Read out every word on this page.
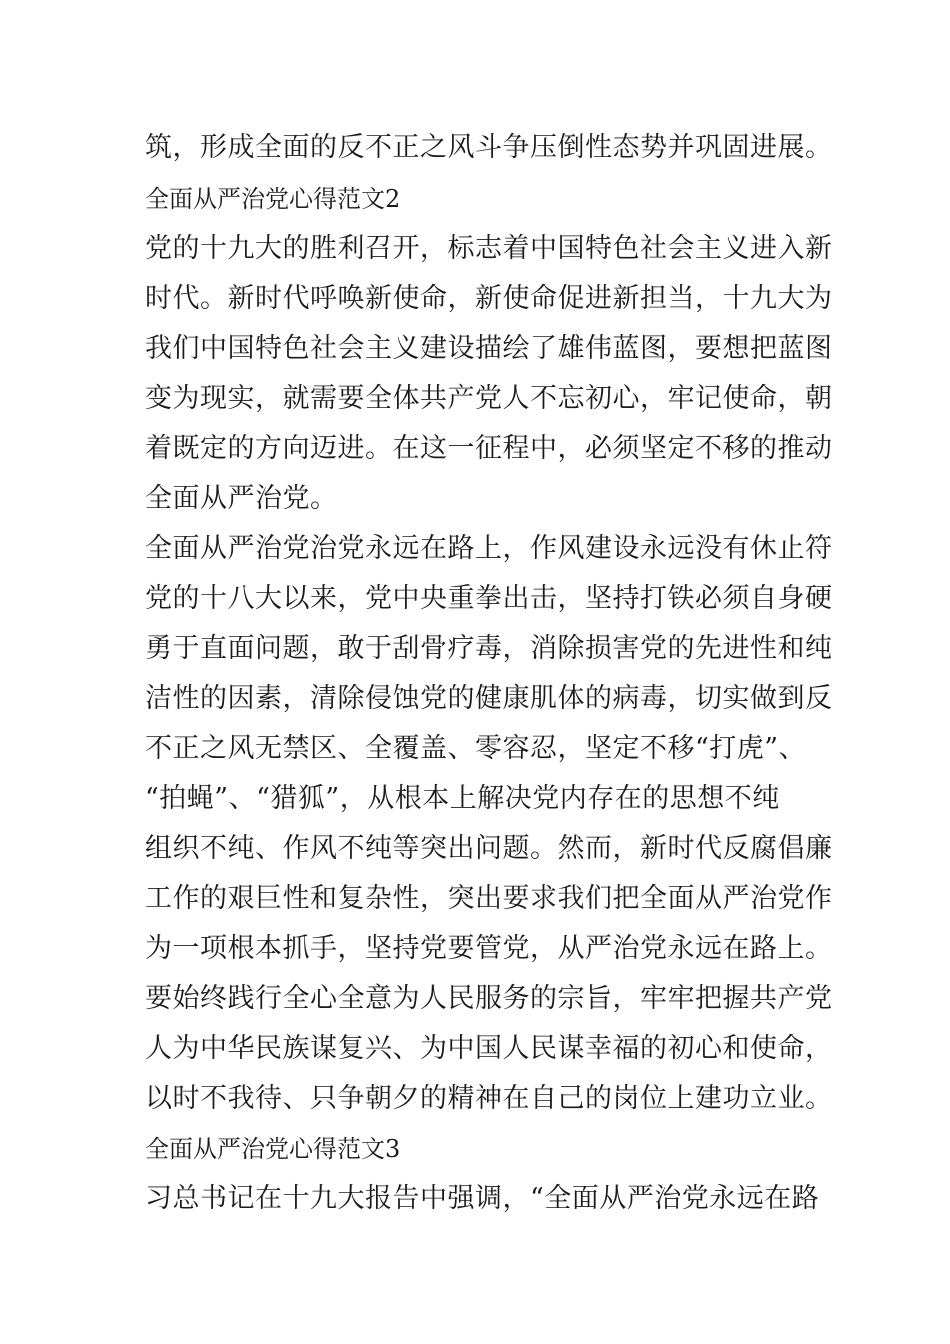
筑，形成全面的反不正之风斗争压倒性态势并巩固进展。
全面从严治党心得范文2
党的十九大的胜利召开，标志着中国特色社会主义进入新
时代。新时代呼唤新使命，新使命促进新担当，十九大为
我们中国特色社会主义建设描绘了雄伟蓝图，要想把蓝图
变为现实，就需要全体共产党人不忘初心，牢记使命，朝
着既定的方向迈进。在这一征程中，必须坚定不移的推动
全面从严治党。
全面从严治党治党永远在路上，作风建设永远没有休止符
党的十八大以来，党中央重拳出击，坚持打铁必须自身硬
勇于直面问题，敢于刮骨疗毒，消除损害党的先进性和纯
洁性的因素，清除侵蚀党的健康肌体的病毒，切实做到反
不正之风无禁区、全覆盖、零容忍，坚定不移“打虎”、
“拍蝇”、“猎狐”，从根本上解决党内存在的思想不纯
组织不纯、作风不纯等突出问题。然而，新时代反腐倡廉
工作的艰巨性和复杂性，突出要求我们把全面从严治党作
为一项根本抓手，坚持党要管党，从严治党永远在路上。
要始终践行全心全意为人民服务的宗旨，牢牢把握共产党
人为中华民族谋复兴、为中国人民谋幸福的初心和使命，
以时不我待、只争朝夕的精神在自己的岗位上建功立业。
全面从严治党心得范文3
习总书记在十九大报告中强调，“全面从严治党永远在路
